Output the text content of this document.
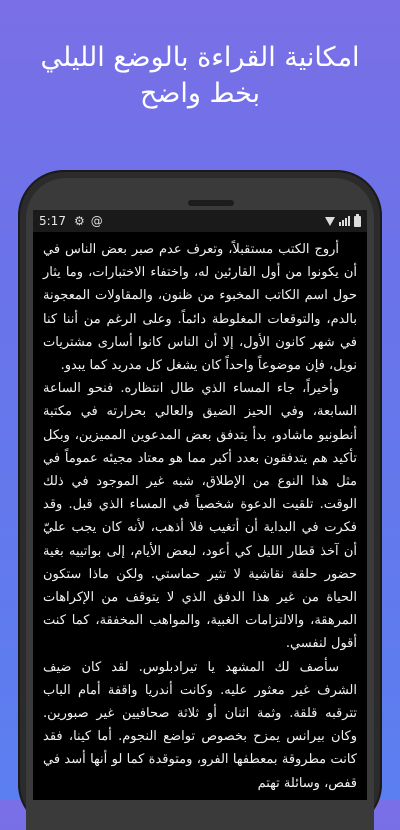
امكانية القراءة بالوضع الليلي
بخط واضح
5:17 ⚙ @

أروج الكتب مستقبلاً، وتعرف عدم صبر بعض الناس في أن يكونوا من أول القارئين له، واختفاء الاختبارات، وما يثار حول اسم الكاتب المخبوء من ظنون، والمقاولات المعجونة بالدم، والتوقعات المغلوطة دائماً. وعلى الرغم من أننا كنا في شهر كانون الأول، إلا أن الناس كانوا أسارى مشتريات نويل، فإن موضوعاً واحداً كان يشغل كل مدريد كما يبدو.

وأخيراً، جاء المساء الذي طال انتظاره. فنحو الساعة السابعة، وفي الحيز الضيق والعالي بحرارته في مكتبة أنطونيو ماشادو، بدأ يتدفق بعض المدعوين المميزين، وبكل تأكيد هم يتدفقون بعدد أكبر مما هو معتاد مجيئه عموماً في مثل هذا النوع من الإطلاق، شبه غير الموجود في ذلك الوقت. تلقيت الدعوة شخصياً في المساء الذي قبل. وقد فكرت في البداية أن أتغيب فلا أذهب، لأنه كان يجب عليّ أن آخذ قطار الليل كي أعود، لبعض الأيام، إلى بواتييه بغية حضور حلقة نقاشية لا تثير حماستي. ولكن ماذا ستكون الحياة من غير هذا الدفق الذي لا يتوقف من الإكراهات المرهقة، والالتزامات الغبية، والمواهب المخفقة، كما كنت أقول لنفسي.

سأصف لك المشهد يا تيرادبلوس. لقد كان ضيف الشرف غير معثور عليه. وكانت أندريا واقفة أمام الباب تترقبه قلقة. وثمة اثنان أو ثلاثة صحافيين غير صبورين. وكان بيرانس يمزح بخصوص تواضع النجوم. أما كينا، فقد كانت مطروقة بمعطفها الفرو، ومتوقدة كما لو أنها أسد في قفص، وسائلة تهتم
